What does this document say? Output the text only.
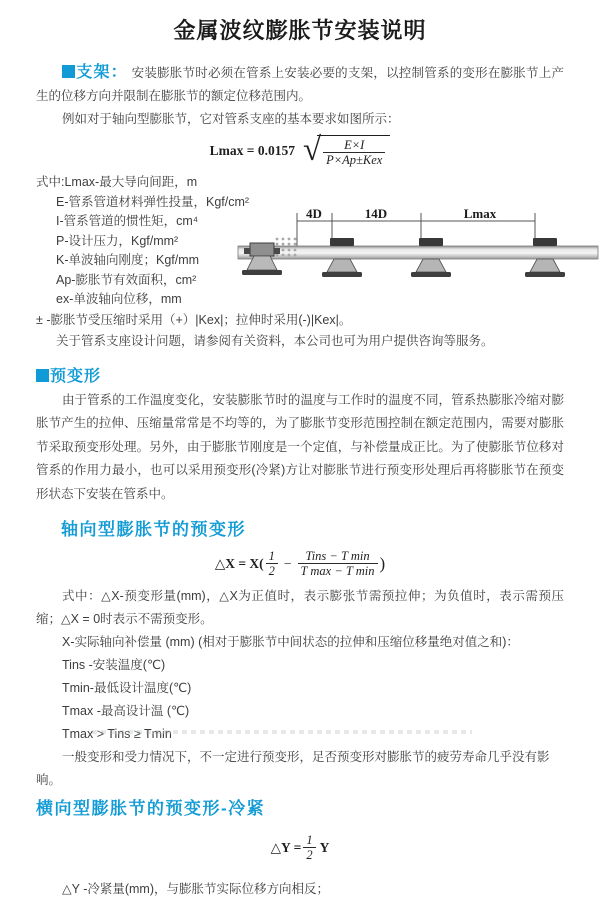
金属波纹膨胀节安装说明

支架： 安装膨胀节时必须在管系上安装必要的支架，以控制管系的变形在膨胀节上产生的位移方向并限制在膨胀节的额定位移范围内。

例如对于轴向型膨胀节，它对管系支座的基本要求如图所示：

Lmax = 0.0157 √ $\frac{E\times I}{\text{P×Ap±Kex}}$
式中:Lmax-最大导向间距，m
E-管系管道材料弹性投量，Kgf/cm²
I-管系管道的惯性矩，cm⁴
P-设计压力，Kgf/mm²
K-单波轴向刚度；Kgf/mm
Ap-膨胀节有效面积，cm²
ex-单波轴向位移，mm
± -膨胀节受压缩时采用（+）|Kex|；拉伸时采用(-)|Kex|。
关于管系支座设计问题，请参阅有关资料，本公司也可为用户提供咨询等服务。
4D	14D	Lmax
预变形

由于管系的工作温度变化，安装膨胀节时的温度与工作时的温度不同，管系热膨胀冷缩对膨胀节产生的拉伸、压缩量常常是不均等的，为了膨胀节变形范围控制在额定范围内，需要对膨胀节采取预变形处理。另外，由于膨胀节刚度是一个定值，与补偿量成正比。为了使膨胀节位移对管系的作用力最小，也可以采用预变形(冷紧)方让对膨胀节进行预变形处理后再将膨胀节在预变形状态下安装在管系中。

轴向型膨胀节的预变形
△X = $X( \frac{1}{2} - \frac{\text{Tins − T min}}{\text{T max − T min}}$ )

式中：△X-预变形量(mm)，△X为正值时，表示膨张节需预拉伸；为负值时，表示需预压缩；△X = 0时表示不需预变形。

X-实际轴向补偿量 (mm) (相对于膨胀节中间状态的拉伸和压缩位移量绝对值之和)：

Tins -安装温度(℃)

Tmin-最低设计温度(℃)

Tmax -最高设计温 (℃)

Tmax > Tins ≥ Tmin

一般变形和受力情况下，不一定进行预变形，足否预变形对膨胀节的疲劳寿命几乎没有影响。

横向型膨胀节的预变形-冷紧
△Y = $\frac{1}{2}$ Y

△Y -冷紧量(mm)，与膨胀节实际位移方向相反；
